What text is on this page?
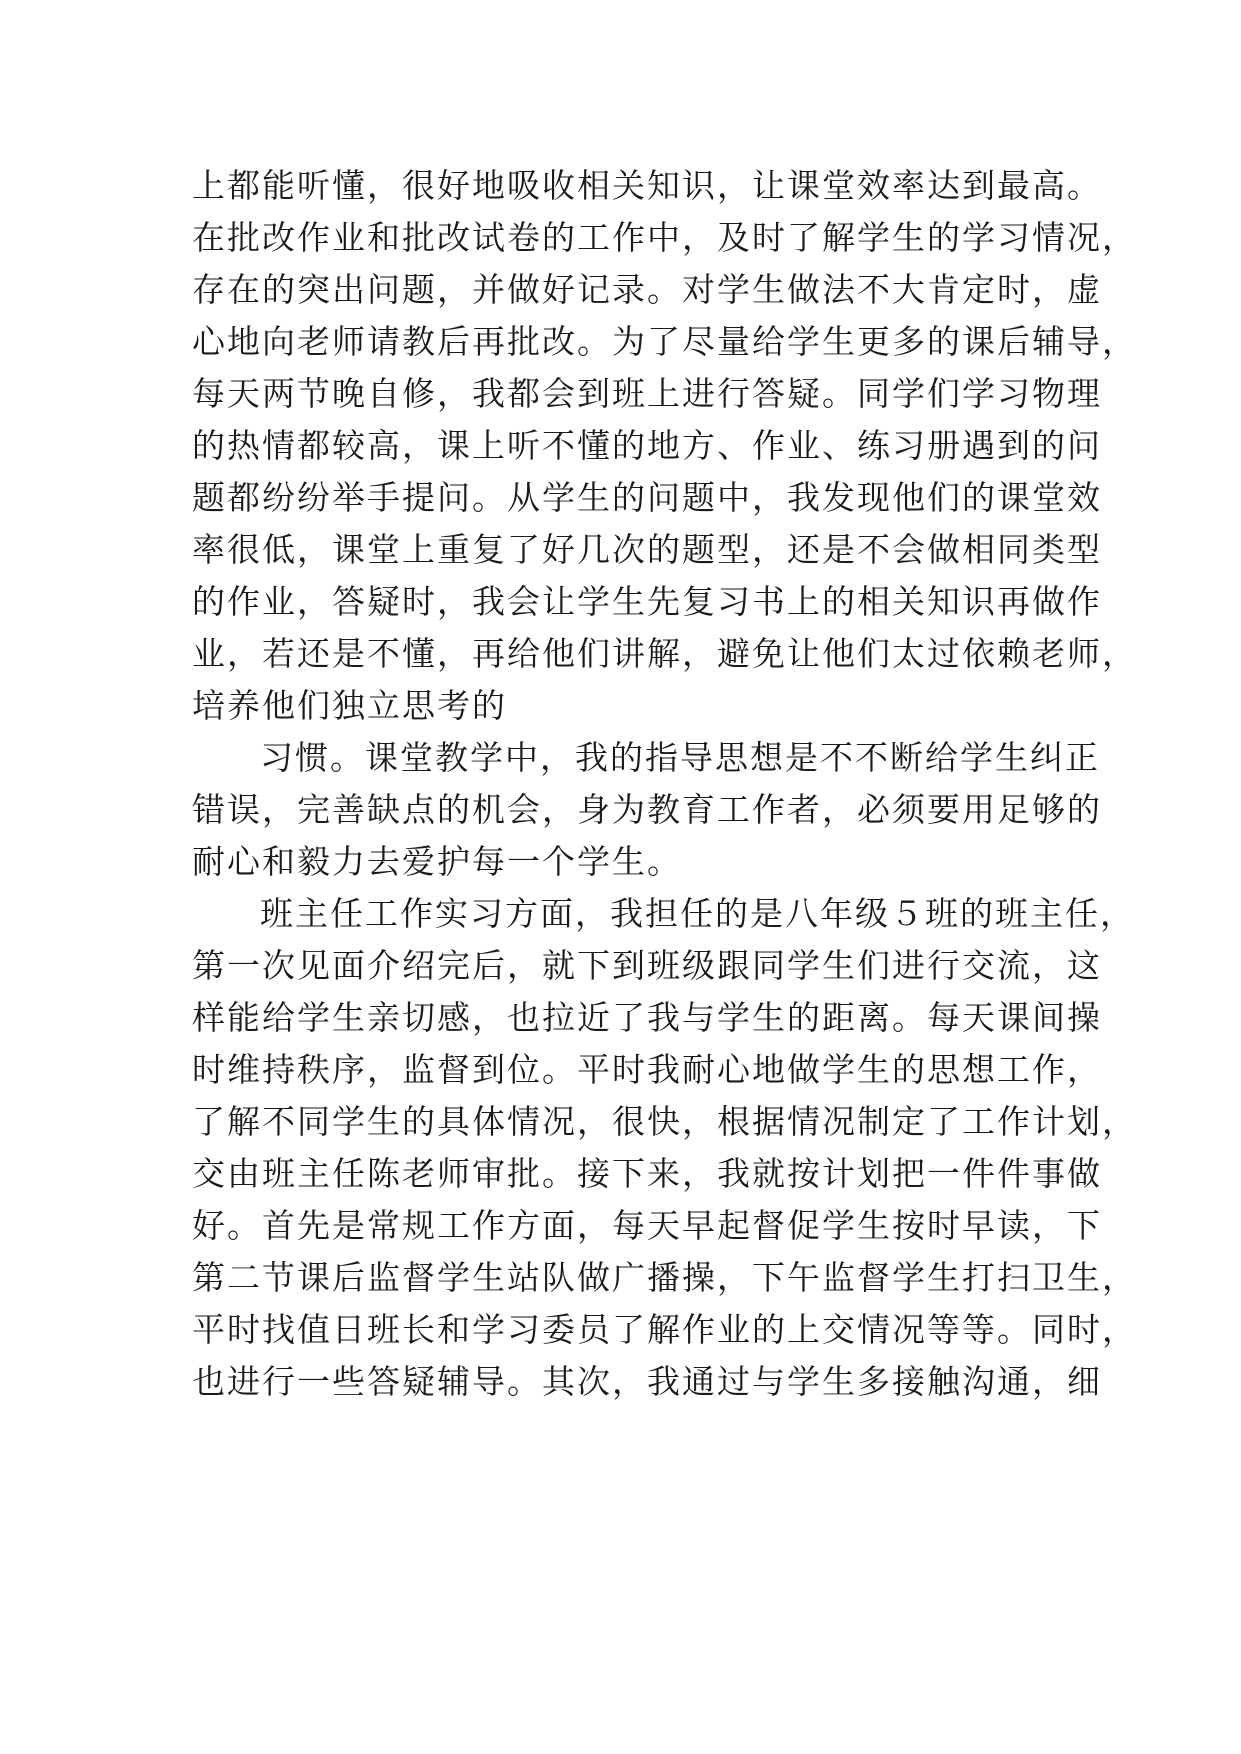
上都能听懂，很好地吸收相关知识，让课堂效率达到最高。
在批改作业和批改试卷的工作中，及时了解学生的学习情况，
存在的突出问题，并做好记录。对学生做法不大肯定时，虚
心地向老师请教后再批改。为了尽量给学生更多的课后辅导，
每天两节晚自修，我都会到班上进行答疑。同学们学习物理
的热情都较高，课上听不懂的地方、作业、练习册遇到的问
题都纷纷举手提问。从学生的问题中，我发现他们的课堂效
率很低，课堂上重复了好几次的题型，还是不会做相同类型
的作业，答疑时，我会让学生先复习书上的相关知识再做作
业，若还是不懂，再给他们讲解，避免让他们太过依赖老师，
培养他们独立思考的
习惯。课堂教学中，我的指导思想是不不断给学生纠正
错误，完善缺点的机会，身为教育工作者，必须要用足够的
耐心和毅力去爱护每一个学生。
班主任工作实习方面，我担任的是八年级５班的班主任，
第一次见面介绍完后，就下到班级跟同学生们进行交流，这
样能给学生亲切感，也拉近了我与学生的距离。每天课间操
时维持秩序，监督到位。平时我耐心地做学生的思想工作，
了解不同学生的具体情况，很快，根据情况制定了工作计划，
交由班主任陈老师审批。接下来，我就按计划把一件件事做
好。首先是常规工作方面，每天早起督促学生按时早读，下
第二节课后监督学生站队做广播操，下午监督学生打扫卫生，
平时找值日班长和学习委员了解作业的上交情况等等。同时，
也进行一些答疑辅导。其次，我通过与学生多接触沟通，细
